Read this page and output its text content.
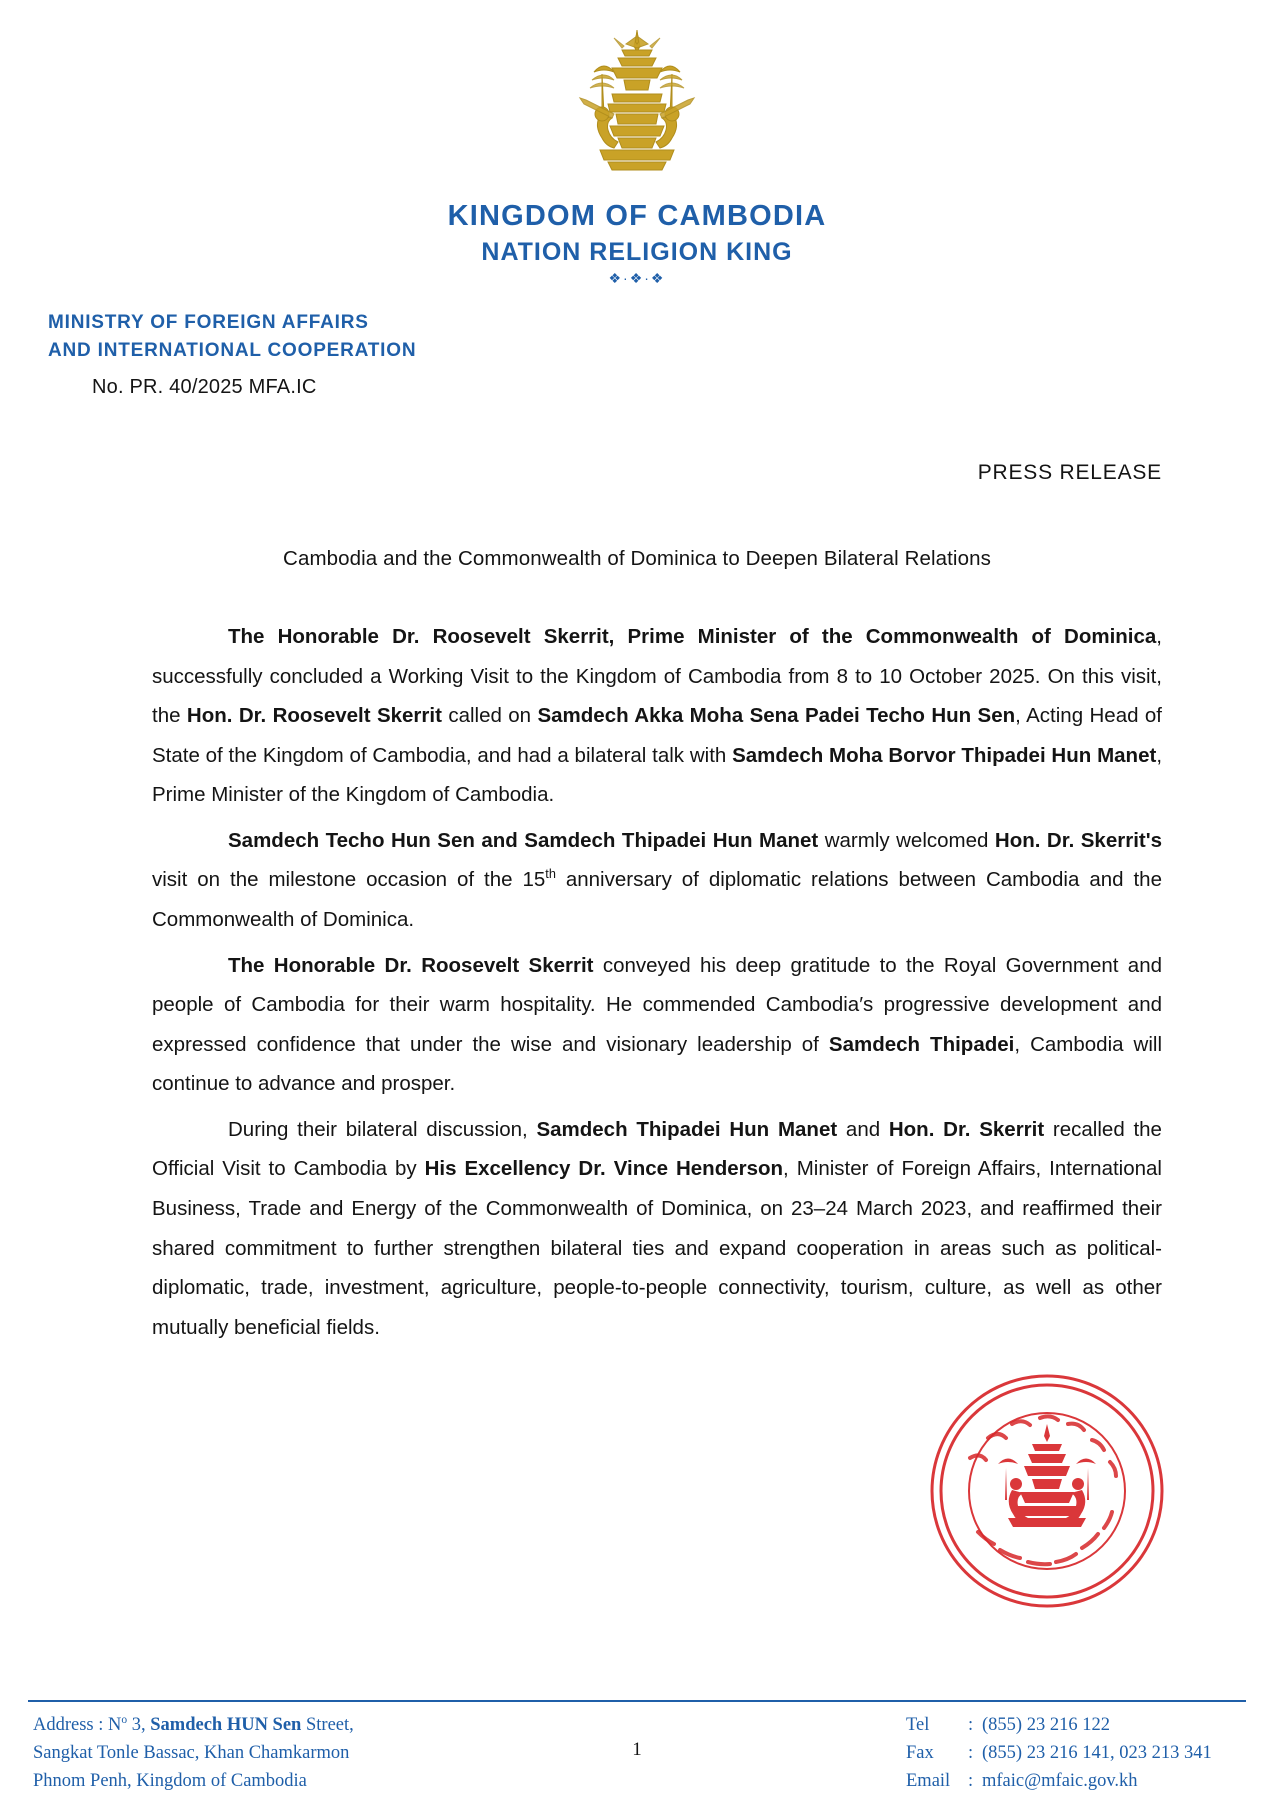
KINGDOM OF CAMBODIA
NATION RELIGION KING
❖·❖·❖
MINISTRY OF FOREIGN AFFAIRS
AND INTERNATIONAL COOPERATION
No. PR. 40/2025 MFA.IC
PRESS RELEASE
Cambodia and the Commonwealth of Dominica to Deepen Bilateral Relations

The Honorable Dr. Roosevelt Skerrit, Prime Minister of the Commonwealth of Dominica, successfully concluded a Working Visit to the Kingdom of Cambodia from 8 to 10 October 2025. On this visit, the Hon. Dr. Roosevelt Skerrit called on Samdech Akka Moha Sena Padei Techo Hun Sen, Acting Head of State of the Kingdom of Cambodia, and had a bilateral talk with Samdech Moha Borvor Thipadei Hun Manet, Prime Minister of the Kingdom of Cambodia.

Samdech Techo Hun Sen and Samdech Thipadei Hun Manet warmly welcomed Hon. Dr. Skerrit's visit on the milestone occasion of the 15th anniversary of diplomatic relations between Cambodia and the Commonwealth of Dominica.

The Honorable Dr. Roosevelt Skerrit conveyed his deep gratitude to the Royal Government and people of Cambodia for their warm hospitality. He commended Cambodia′s progressive development and expressed confidence that under the wise and visionary leadership of Samdech Thipadei, Cambodia will continue to advance and prosper.

During their bilateral discussion, Samdech Thipadei Hun Manet and Hon. Dr. Skerrit recalled the Official Visit to Cambodia by His Excellency Dr. Vince Henderson, Minister of Foreign Affairs, International Business, Trade and Energy of the Commonwealth of Dominica, on 23–24 March 2023, and reaffirmed their shared commitment to further strengthen bilateral ties and expand cooperation in areas such as political-diplomatic, trade, investment, agriculture, people-to-people connectivity, tourism, culture, as well as other mutually beneficial fields.

Address : $N^o$ 3, Samdech HUN Sen Street,
Sangkat Tonle Bassac, Khan Chamkarmon
Phnom Penh, Kingdom of Cambodia
1
Tel	: (855) 23 216 122
Fax	: (855) 23 216 141, 023 213 341
Email : mfaic@mfaic.gov.kh
